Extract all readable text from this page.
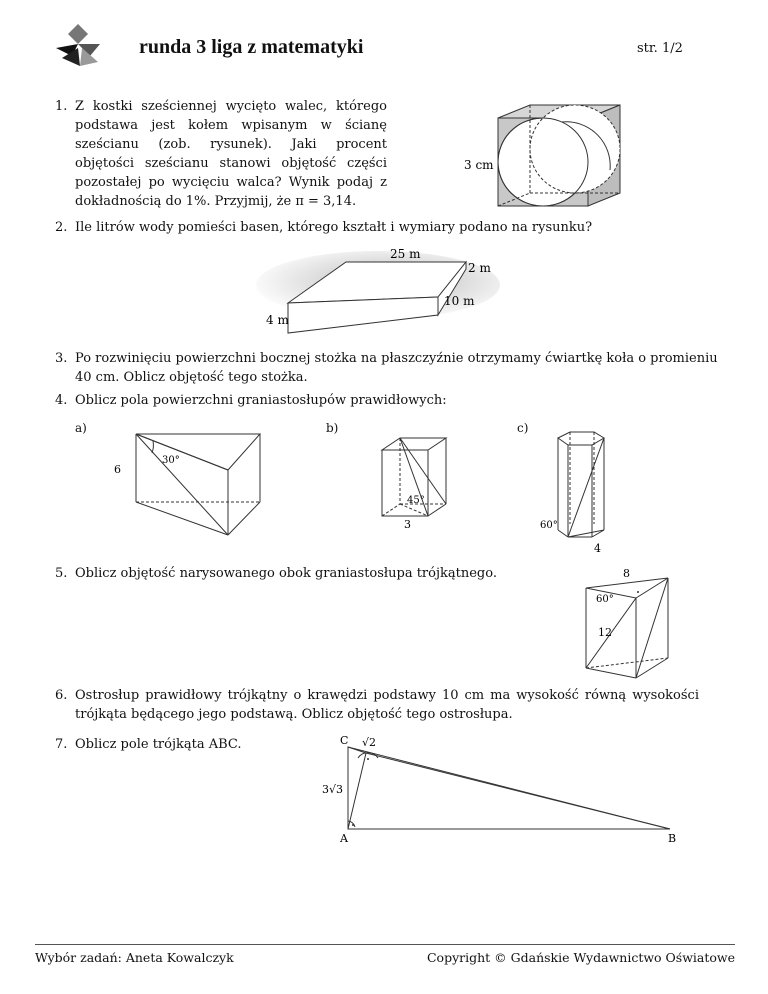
runda 3 liga z matematyki	str. 1/2
1. Z kostki sześciennej wycięto walec, którego podstawa jest kołem wpisanym w ścianę sześcianu (zob. rysunek). Jaki procent objętości sześcianu stanowi objętość części pozostałej po wycięciu walca? Wynik podaj z dokładnością do 1%. Przyjmij, że π = 3,14.
3 cm
2. Ile litrów wody pomieści basen, którego kształt i wymiary podano na rysunku?
25 m
2 m
10 m
4 m
3. Po rozwinięciu powierzchni bocznej stożka na płaszczyźnie otrzymamy ćwiartkę koła o promieniu 40 cm. Oblicz objętość tego stożka.
4. Oblicz pola powierzchni graniastosłupów prawidłowych:
a)	b)	c)
30°
6
45°
3	60°
4
5. Oblicz objętość narysowanego obok graniastosłupa trójkątnego.	8
60°
12
6. Ostrosłup prawidłowy trójkątny o krawędzi podstawy 10 cm ma wysokość równą wysokości trójkąta będącego jego podstawą. Oblicz objętość tego ostrosłupa.
7. Oblicz pole trójkąta ABC.	C √2
3√3
A	B
Wybór zadań: Aneta Kowalczyk	Copyright © Gdańskie Wydawnictwo Oświatowe
